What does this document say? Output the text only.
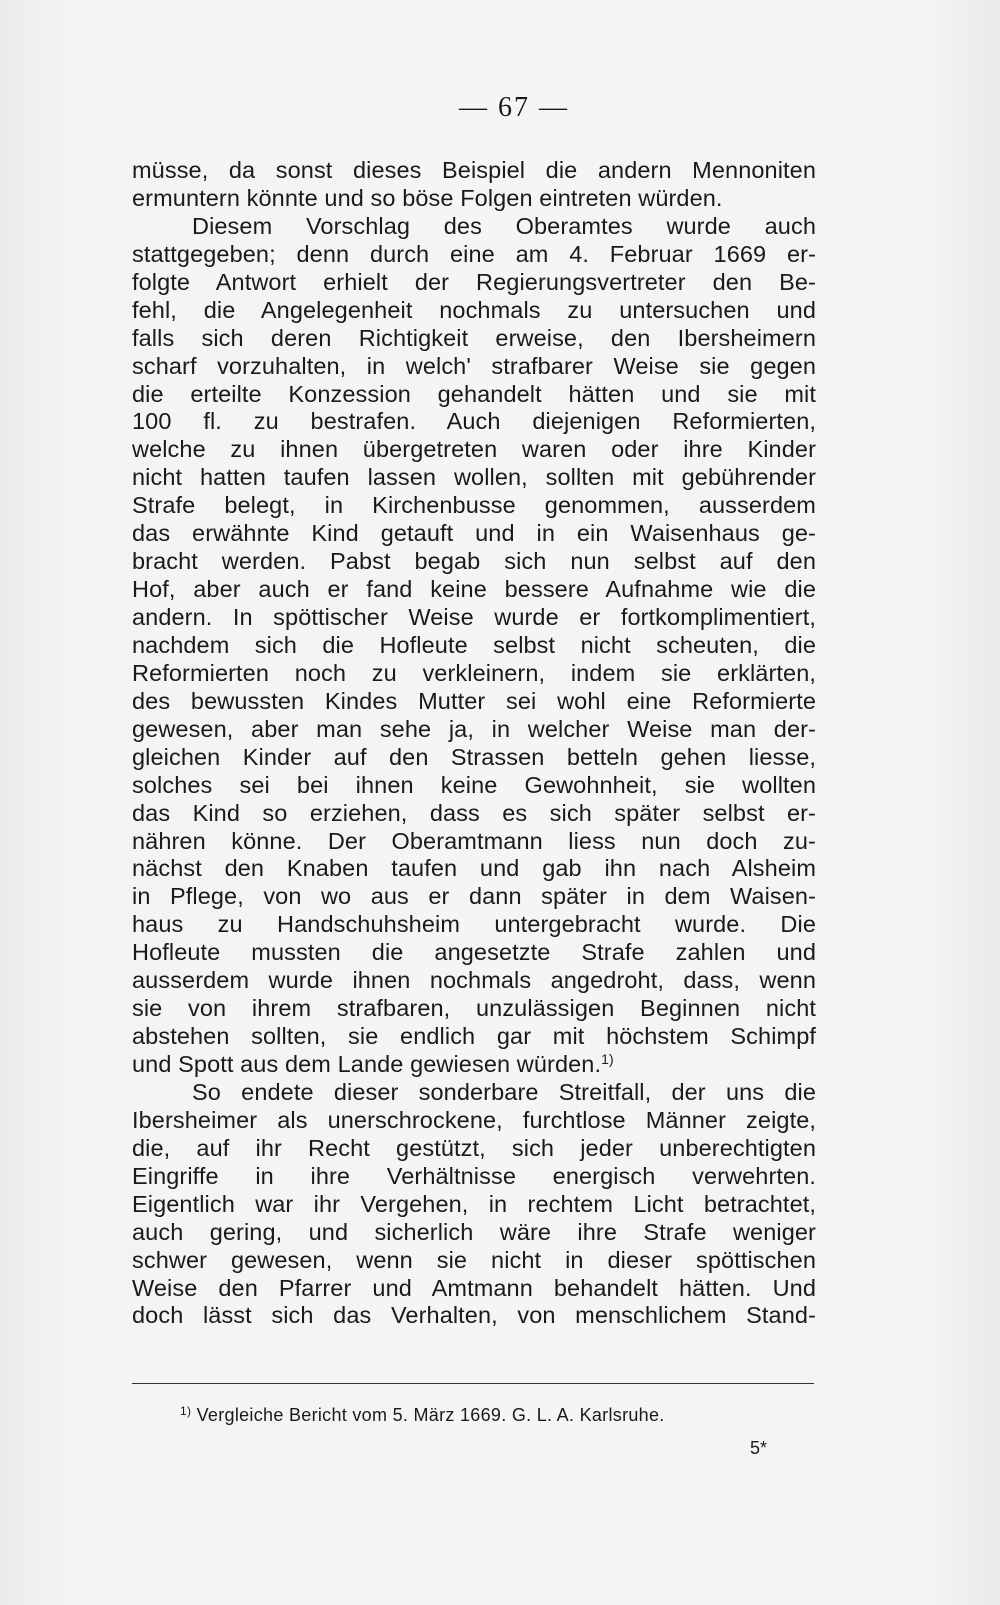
— 67 —
müsse, da sonst dieses Beispiel die andern Mennoniten
ermuntern könnte und so böse Folgen eintreten würden.
Diesem Vorschlag des Oberamtes wurde auch
stattgegeben; denn durch eine am 4. Februar 1669 er-
folgte Antwort erhielt der Regierungsvertreter den Be-
fehl, die Angelegenheit nochmals zu untersuchen und
falls sich deren Richtigkeit erweise, den Ibersheimern
scharf vorzuhalten, in welch' strafbarer Weise sie gegen
die erteilte Konzession gehandelt hätten und sie mit
100 fl. zu bestrafen. Auch diejenigen Reformierten,
welche zu ihnen übergetreten waren oder ihre Kinder
nicht hatten taufen lassen wollen, sollten mit gebührender
Strafe belegt, in Kirchenbusse genommen, ausserdem
das erwähnte Kind getauft und in ein Waisenhaus ge-
bracht werden. Pabst begab sich nun selbst auf den
Hof, aber auch er fand keine bessere Aufnahme wie die
andern. In spöttischer Weise wurde er fortkomplimentiert,
nachdem sich die Hofleute selbst nicht scheuten, die
Reformierten noch zu verkleinern, indem sie erklärten,
des bewussten Kindes Mutter sei wohl eine Reformierte
gewesen, aber man sehe ja, in welcher Weise man der-
gleichen Kinder auf den Strassen betteln gehen liesse,
solches sei bei ihnen keine Gewohnheit, sie wollten
das Kind so erziehen, dass es sich später selbst er-
nähren könne. Der Oberamtmann liess nun doch zu-
nächst den Knaben taufen und gab ihn nach Alsheim
in Pflege, von wo aus er dann später in dem Waisen-
haus zu Handschuhsheim untergebracht wurde. Die
Hofleute mussten die angesetzte Strafe zahlen und
ausserdem wurde ihnen nochmals angedroht, dass, wenn
sie von ihrem strafbaren, unzulässigen Beginnen nicht
abstehen sollten, sie endlich gar mit höchstem Schimpf
und Spott aus dem Lande gewiesen würden.$^{1)}$
So endete dieser sonderbare Streitfall, der uns die
Ibersheimer als unerschrockene, furchtlose Männer zeigte,
die, auf ihr Recht gestützt, sich jeder unberechtigten
Eingriffe in ihre Verhältnisse energisch verwehrten.
Eigentlich war ihr Vergehen, in rechtem Licht betrachtet,
auch gering, und sicherlich wäre ihre Strafe weniger
schwer gewesen, wenn sie nicht in dieser spöttischen
Weise den Pfarrer und Amtmann behandelt hätten. Und
doch lässt sich das Verhalten, von menschlichem Stand-
$^{1)}$ Vergleiche Bericht vom 5. März 1669. G. L. A. Karlsruhe.
5*
